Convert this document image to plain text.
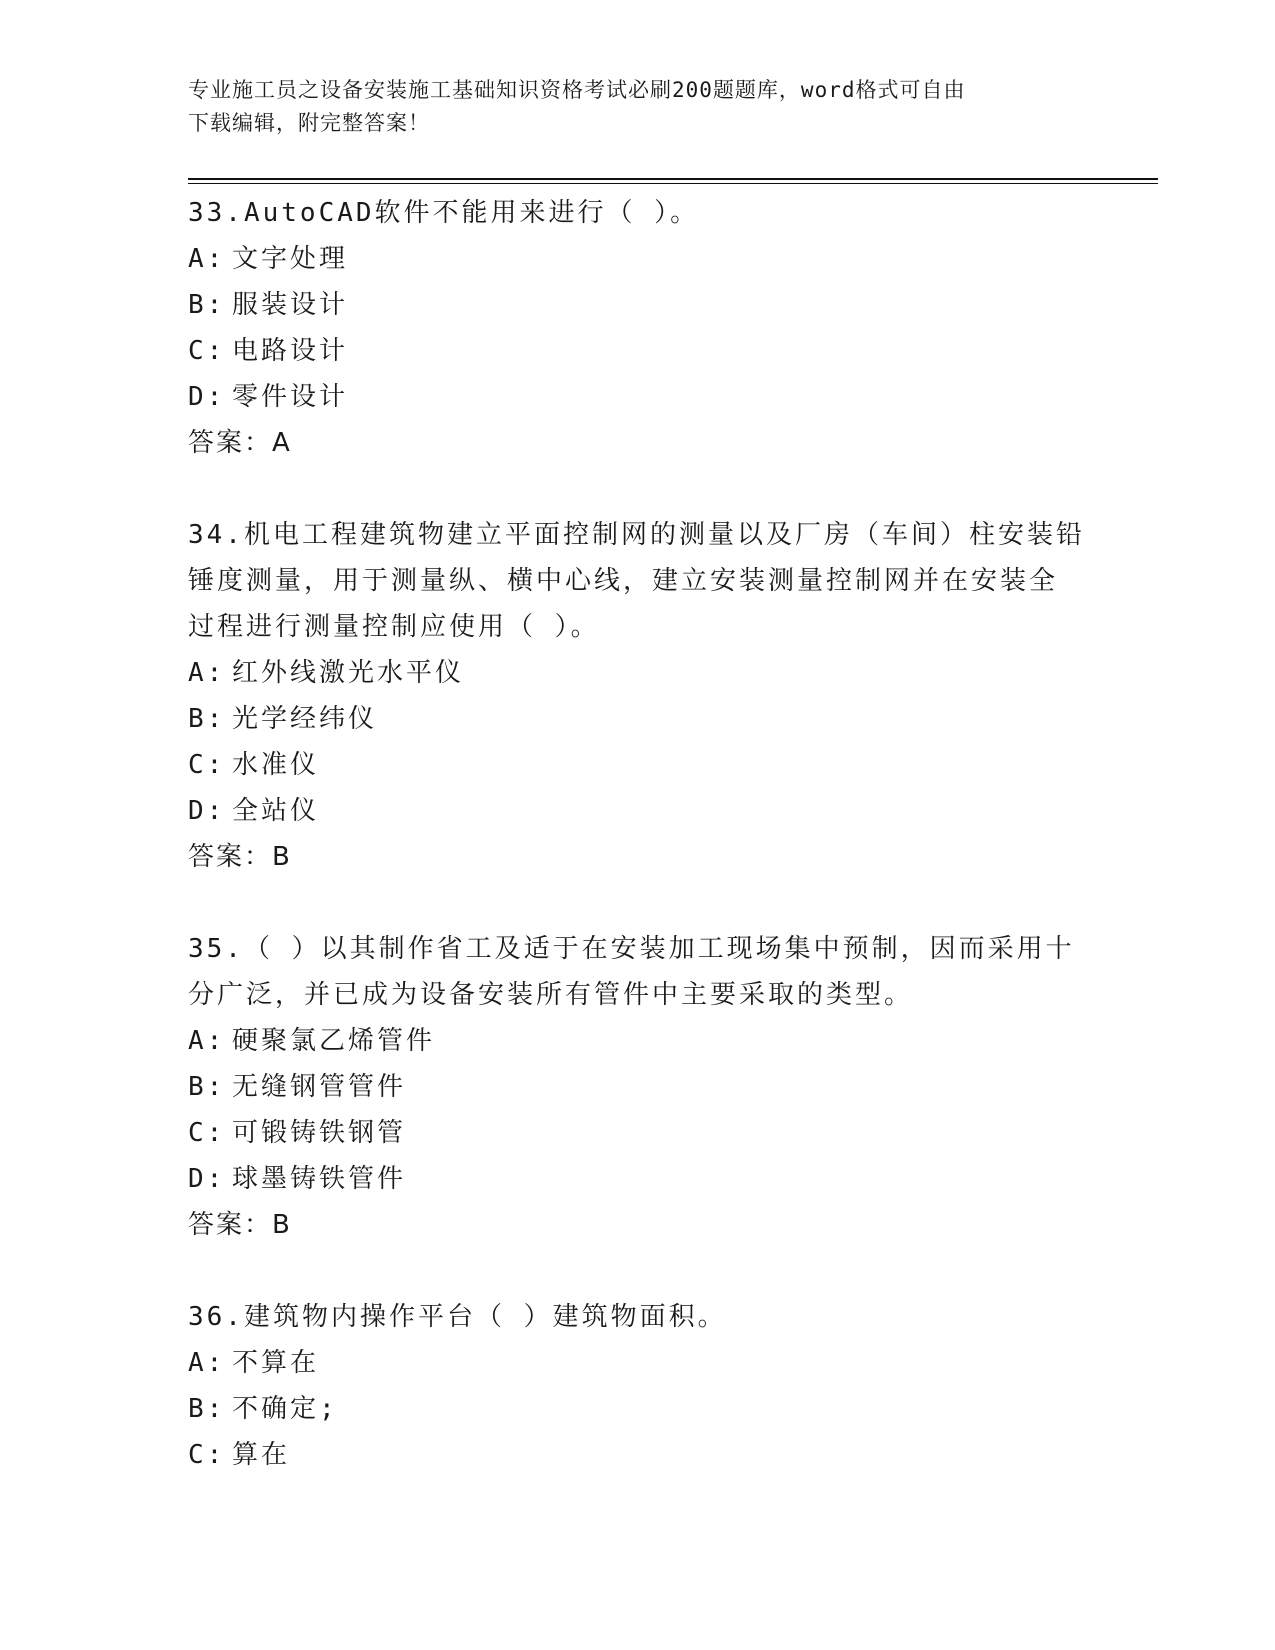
专业施工员之设备安装施工基础知识资格考试必刷200题题库，word格式可自由
下载编辑，附完整答案！
33.AutoCAD软件不能用来进行（ ）。
A: 文字处理
B: 服装设计
C: 电路设计
D: 零件设计
答案：A
34.机电工程建筑物建立平面控制网的测量以及厂房（车间）柱安装铅
锤度测量，用于测量纵、横中心线，建立安装测量控制网并在安装全
过程进行测量控制应使用（ ）。
A: 红外线激光水平仪
B: 光学经纬仪
C: 水准仪
D: 全站仪
答案：B
35.（ ）以其制作省工及适于在安装加工现场集中预制，因而采用十
分广泛，并已成为设备安装所有管件中主要采取的类型。
A: 硬聚氯乙烯管件
B: 无缝钢管管件
C: 可锻铸铁钢管
D: 球墨铸铁管件
答案：B
36.建筑物内操作平台（ ）建筑物面积。
A: 不算在
B: 不确定;
C: 算在
